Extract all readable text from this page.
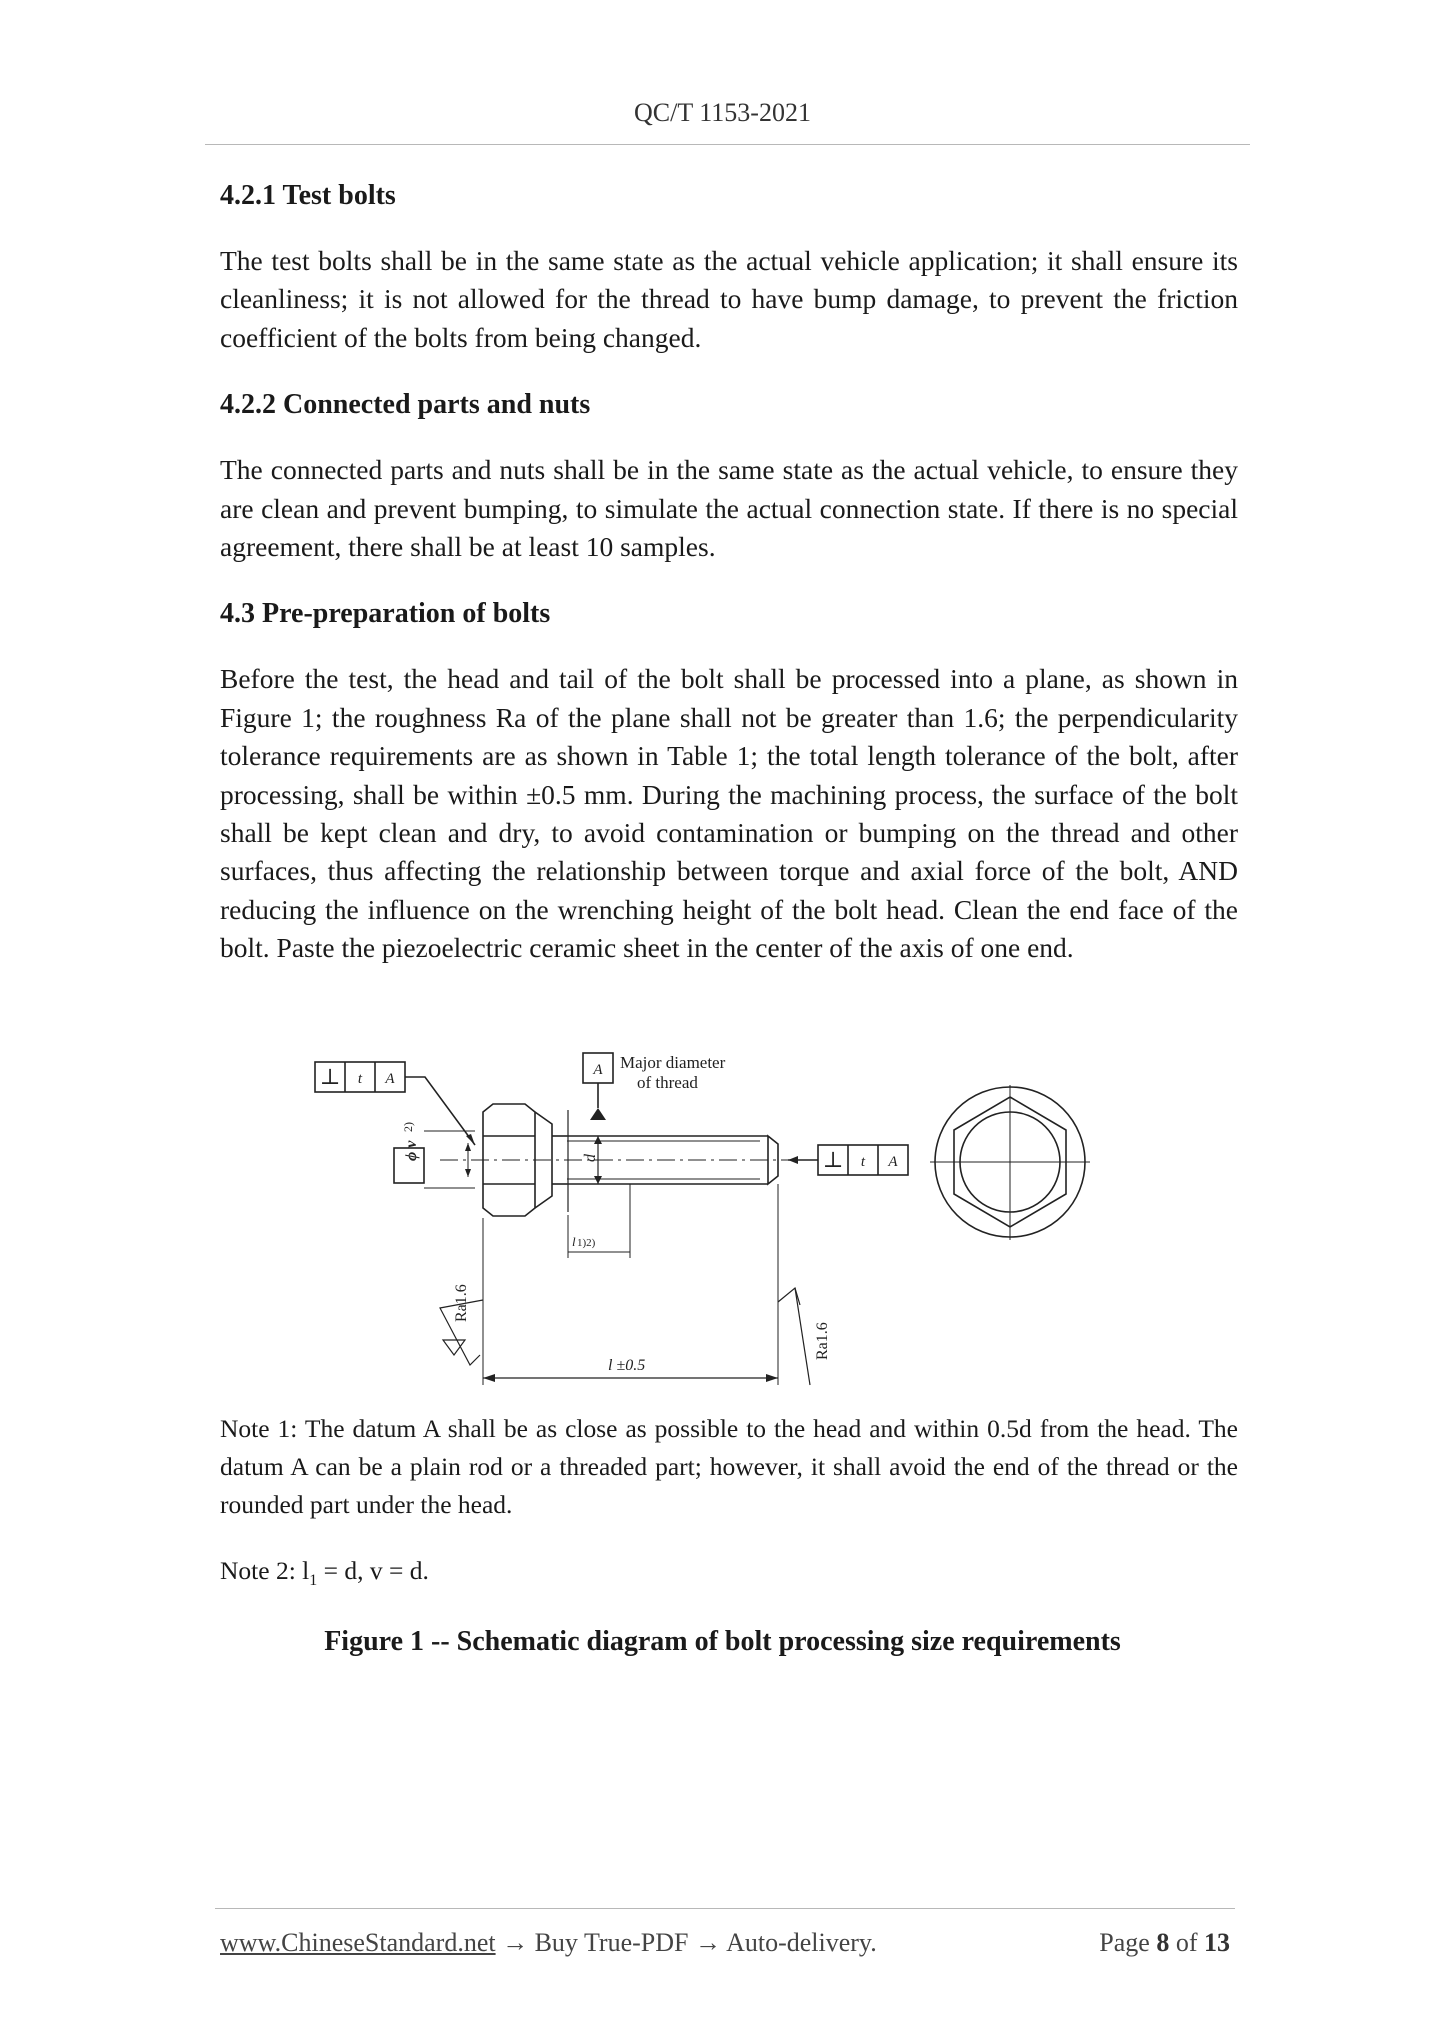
QC/T 1153-2021
4.2.1 Test bolts

The test bolts shall be in the same state as the actual vehicle application; it shall ensure its cleanliness; it is not allowed for the thread to have bump damage, to prevent the friction coefficient of the bolts from being changed.

4.2.2 Connected parts and nuts

The connected parts and nuts shall be in the same state as the actual vehicle, to ensure they are clean and prevent bumping, to simulate the actual connection state. If there is no special agreement, there shall be at least 10 samples.

4.3 Pre-preparation of bolts

Before the test, the head and tail of the bolt shall be processed into a plane, as shown in Figure 1; the roughness Ra of the plane shall not be greater than 1.6; the perpendicularity tolerance requirements are as shown in Table 1; the total length tolerance of the bolt, after processing, shall be within ±0.5 mm. During the machining process, the surface of the bolt shall be kept clean and dry, to avoid contamination or bumping on the thread and other surfaces, thus affecting the relationship between torque and axial force of the bolt, AND reducing the influence on the wrenching height of the bolt head. Clean the end face of the bolt. Paste the piezoelectric ceramic sheet in the center of the axis of one end.

⊥ t A
A Major diameter
of thread
d
ϕ v
2)
⊥ t A
l 1)2)
l ±0.5
Ra1.6
Ra1.6

Note 1: The datum A shall be as close as possible to the head and within 0.5d from the head. The datum A can be a plain rod or a threaded part; however, it shall avoid the end of the thread or the rounded part under the head.

Note 2: $l_1 = d$, v = d.

Figure 1 -- Schematic diagram of bolt processing size requirements
www.ChineseStandard.net → Buy True-PDF → Auto-delivery.	Page 8 of 13
